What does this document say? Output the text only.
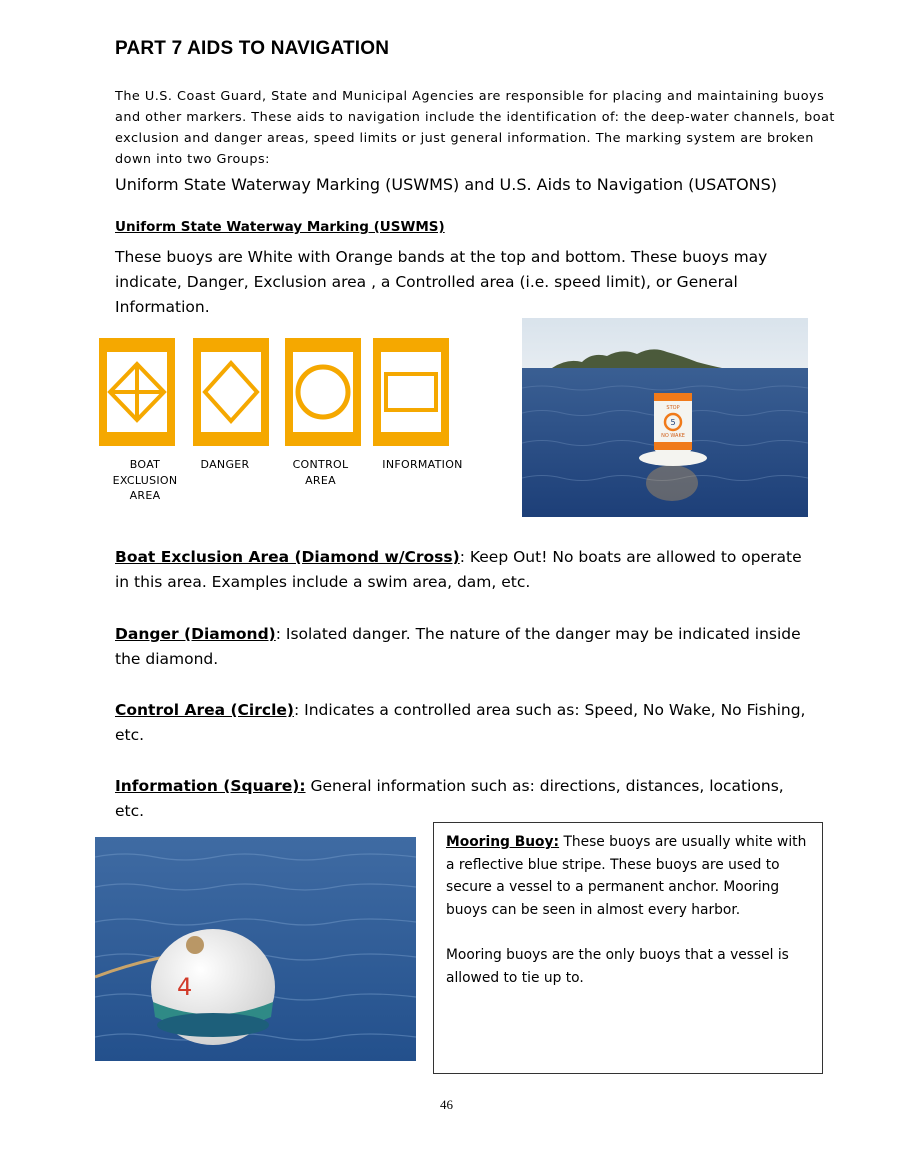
PART 7 AIDS TO NAVIGATION

The U.S. Coast Guard, State and Municipal Agencies are responsible for placing and maintaining buoys and other markers. These aids to navigation include the identification of: the deep-water channels, boat exclusion and danger areas, speed limits or just general information. The marking system are broken down into two Groups:

Uniform State Waterway Marking (USWMS) and U.S. Aids to Navigation (USATONS)

Uniform State Waterway Marking (USWMS)

These buoys are White with Orange bands at the top and bottom. These buoys may indicate, Danger, Exclusion area , a Controlled area (i.e. speed limit), or General Information.

BOAT
EXCLUSION
AREA
DANGER	CONTROL
AREA
INFORMATION
STOP
5
NO WAKE

Boat Exclusion Area (Diamond w/Cross): Keep Out! No boats are allowed to operate in this area. Examples include a swim area, dam, etc.

Danger (Diamond): Isolated danger. The nature of the danger may be indicated inside the diamond.

Control Area (Circle): Indicates a controlled area such as: Speed, No Wake, No Fishing, etc.

Information (Square): General information such as: directions, distances, locations, etc.

4

Mooring Buoy: These buoys are usually white with a reflective blue stripe. These buoys are used to secure a vessel to a permanent anchor. Mooring buoys can be seen in almost every harbor.

Mooring buoys are the only buoys that a vessel is allowed to tie up to.

46
